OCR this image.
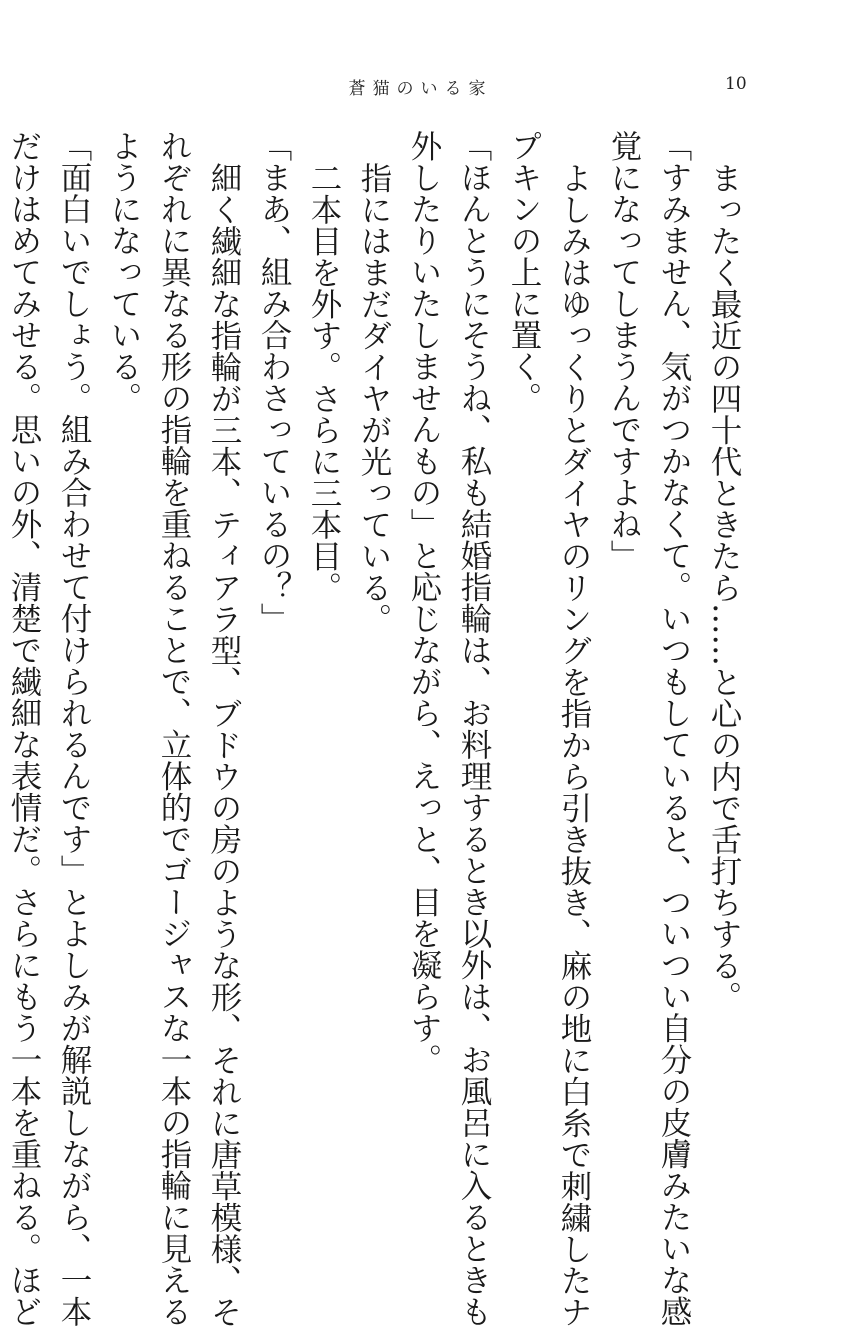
蒼猫のいる家	10

まったく最近の四十代ときたら……と心の内で舌打ちする。

「すみません、気がつかなくて。いつもしていると、ついつい自分の皮膚みたいな感

覚になってしまうんですよね」

よしみはゆっくりとダイヤのリングを指から引き抜き、麻の地に白糸で刺繍したナ

プキンの上に置く。

「ほんとうにそうね、私も結婚指輪は、お料理するとき以外は、お風呂に入るときも

外したりいたしませんもの」と応じながら、えっと、目を凝らす。

指にはまだダイヤが光っている。

二本目を外す。さらに三本目。

「まあ、組み合わさっているの？」

細く繊細な指輪が三本、ティアラ型、ブドウの房のような形、それに唐草模様、そ

れぞれに異なる形の指輪を重ねることで、立体的でゴージャスな一本の指輪に見える

ようになっている。

「面白いでしょう。組み合わせて付けられるんです」とよしみが解説しながら、一本

だけはめてみせる。思いの外、清楚で繊細な表情だ。さらにもう一本を重ねる。ほど
